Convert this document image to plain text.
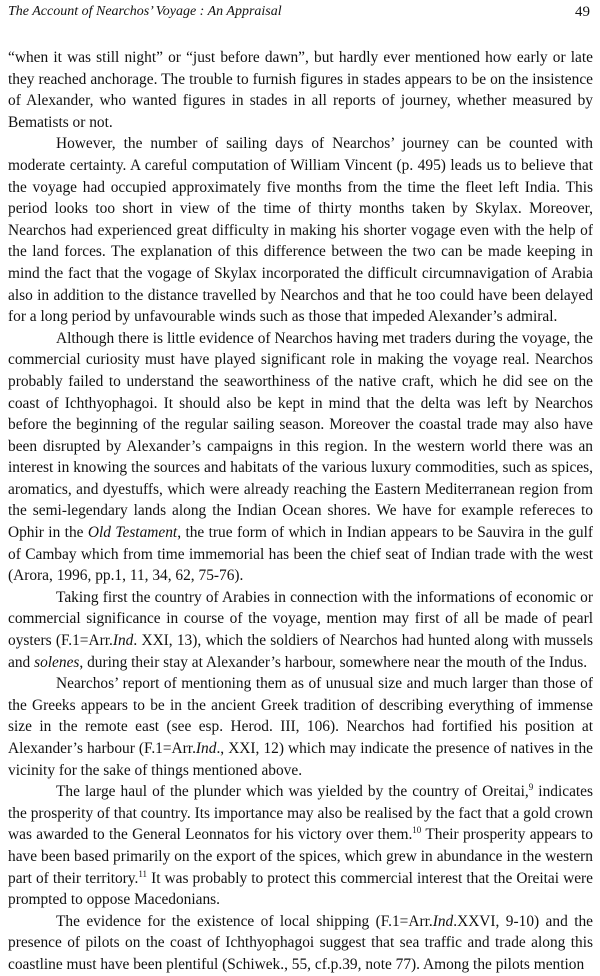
The Account of Nearchos’ Voyage : An Appraisal	49

“when it was still night” or “just before dawn”, but hardly ever mentioned how early or late they reached anchorage. The trouble to furnish figures in stades appears to be on the insistence of Alexander, who wanted figures in stades in all reports of journey, whether measured by Bematists or not.

However, the number of sailing days of Nearchos’ journey can be counted with moderate certainty. A careful computation of William Vincent (p. 495) leads us to believe that the voyage had occupied approximately five months from the time the fleet left India. This period looks too short in view of the time of thirty months taken by Skylax. Moreover, Nearchos had experienced great difficulty in making his shorter vogage even with the help of the land forces. The explanation of this difference between the two can be made keeping in mind the fact that the vogage of Skylax incorporated the difficult circumnavigation of Arabia also in addition to the distance travelled by Nearchos and that he too could have been delayed for a long period by unfavourable winds such as those that impeded Alexander’s admiral.

Although there is little evidence of Nearchos having met traders during the voyage, the commercial curiosity must have played significant role in making the voyage real. Nearchos probably failed to understand the seaworthiness of the native craft, which he did see on the coast of Ichthyophagoi. It should also be kept in mind that the delta was left by Nearchos before the beginning of the regular sailing season. Moreover the coastal trade may also have been disrupted by Alexander’s campaigns in this region. In the western world there was an interest in knowing the sources and habitats of the various luxury commodities, such as spices, aromatics, and dyestuffs, which were already reaching the Eastern Mediterranean region from the semi-legendary lands along the Indian Ocean shores. We have for example refereces to Ophir in the Old Testament, the true form of which in Indian appears to be Sauvira in the gulf of Cambay which from time immemorial has been the chief seat of Indian trade with the west (Arora, 1996, pp.1, 11, 34, 62, 75-76).

Taking first the country of Arabies in connection with the informations of economic or commercial significance in course of the voyage, mention may first of all be made of pearl oysters (F.1=Arr.Ind. XXI, 13), which the soldiers of Nearchos had hunted along with mussels and solenes, during their stay at Alexander’s harbour, somewhere near the mouth of the Indus.

Nearchos’ report of mentioning them as of unusual size and much larger than those of the Greeks appears to be in the ancient Greek tradition of describing everything of immense size in the remote east (see esp. Herod. III, 106). Nearchos had fortified his position at Alexander’s harbour (F.1=Arr.Ind., XXI, 12) which may indicate the presence of natives in the vicinity for the sake of things mentioned above.

The large haul of the plunder which was yielded by the country of Oreitai,$^9$ indicates the prosperity of that country. Its importance may also be realised by the fact that a gold crown was awarded to the General Leonnatos for his victory over them.$^{10}$ Their prosperity appears to have been based primarily on the export of the spices, which grew in abundance in the western part of their territory.$^{11}$ It was probably to protect this commercial interest that the Oreitai were prompted to oppose Macedonians.

The evidence for the existence of local shipping (F.1=Arr.Ind.XXVI, 9-10) and the presence of pilots on the coast of Ichthyophagoi suggest that sea traffic and trade along this coastline must have been plentiful (Schiwek., 55, cf.p.39, note 77). Among the pilots mention
